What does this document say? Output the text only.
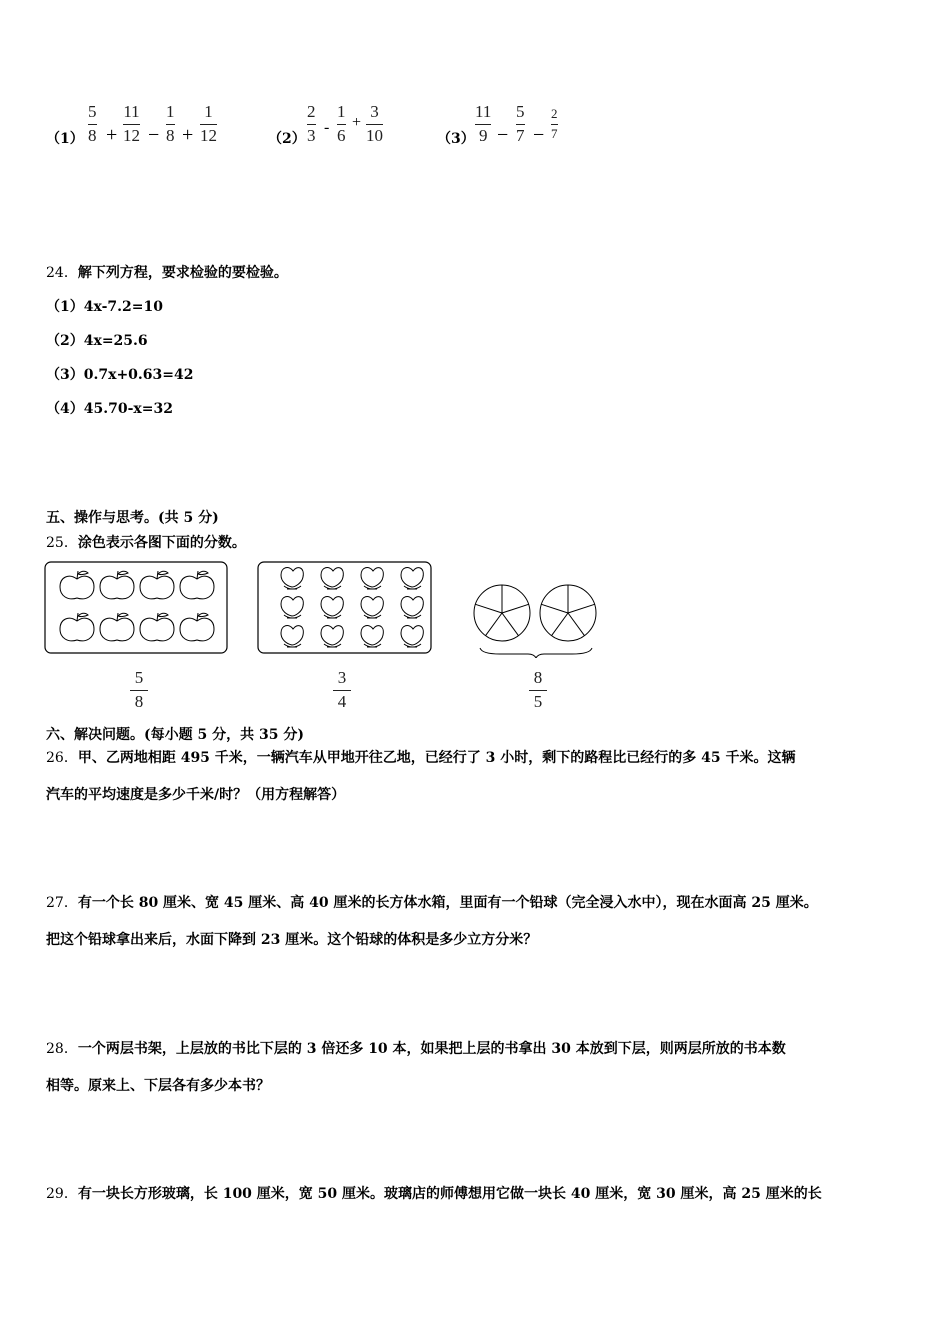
（1）
5
8 +
11
12 −
1
8 +
1
12	（2）
2
3 -
1
6
+
3
10	（3）
11
9 −
5
7 −
2
7
24．解下列方程，要求检验的要检验。
（1）4x-7.2=10
（2）4x=25.6
（3）0.7x+0.63=42
（4）45.70-x=32
五、操作与思考。(共 5 分)
25．涂色表示各图下面的分数。
5
8
3
4
8
5
六、解决问题。(每小题 5 分，共 35 分)
26．甲、乙两地相距 495 千米，一辆汽车从甲地开往乙地，已经行了 3 小时，剩下的路程比已经行的多 45 千米。这辆
汽车的平均速度是多少千米/时？（用方程解答）
27．有一个长 80 厘米、宽 45 厘米、高 40 厘米的长方体水箱，里面有一个铅球（完全浸入水中），现在水面高 25 厘米。
把这个铅球拿出来后，水面下降到 23 厘米。这个铅球的体积是多少立方分米？
28．一个两层书架，上层放的书比下层的 3 倍还多 10 本，如果把上层的书拿出 30 本放到下层，则两层所放的书本数
相等。原来上、下层各有多少本书？
29．有一块长方形玻璃，长 100 厘米，宽 50 厘米。玻璃店的师傅想用它做一块长 40 厘米，宽 30 厘米，高 25 厘米的长
